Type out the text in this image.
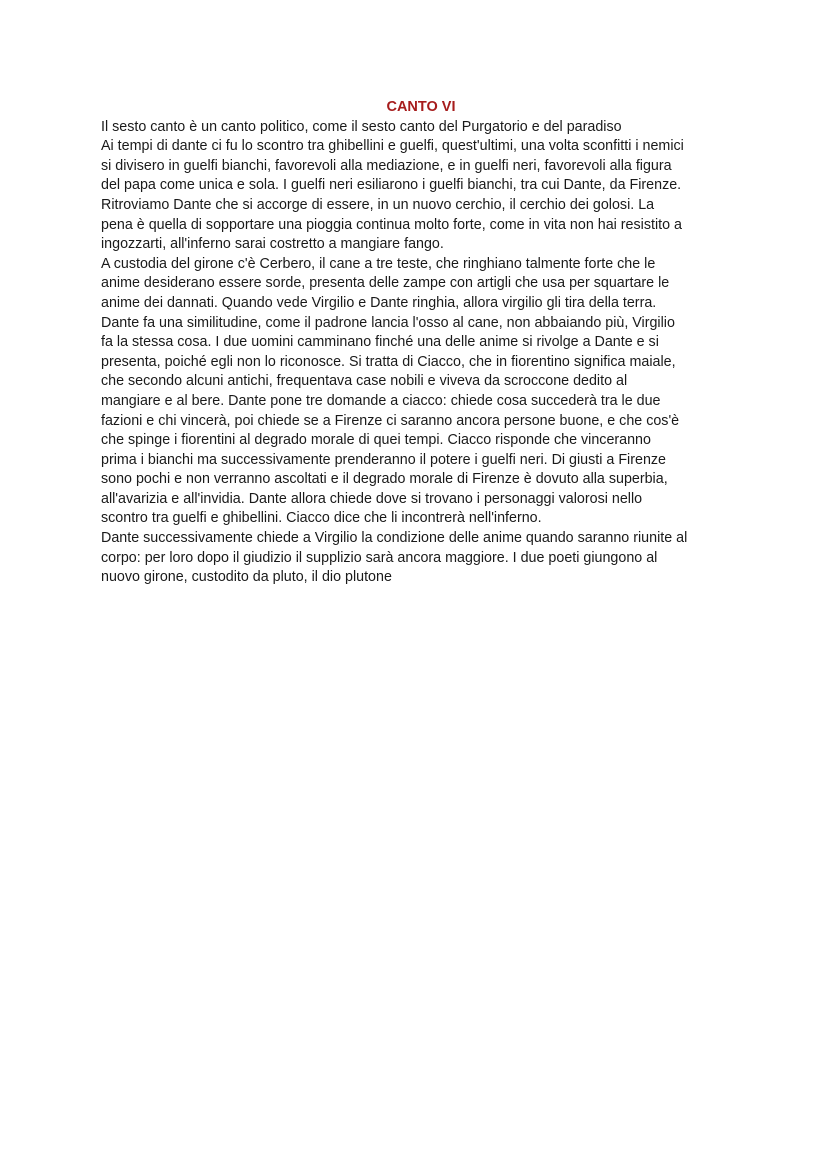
CANTO VI

Il sesto canto è un canto politico, come il sesto canto del Purgatorio e del paradiso

Ai tempi di dante ci fu lo scontro tra ghibellini e guelfi, quest'ultimi, una volta sconfitti i nemici
si divisero in guelfi bianchi, favorevoli alla mediazione, e in guelfi neri, favorevoli alla figura
del papa come unica e sola. I guelfi neri esiliarono i guelfi bianchi, tra cui Dante, da Firenze.
Ritroviamo Dante che si accorge di essere, in un nuovo cerchio, il cerchio dei golosi. La
pena è quella di sopportare una pioggia continua molto forte, come in vita non hai resistito a
ingozzarti, all'inferno sarai costretto a mangiare fango.

A custodia del girone c'è Cerbero, il cane a tre teste, che ringhiano talmente forte che le
anime desiderano essere sorde, presenta delle zampe con artigli che usa per squartare le
anime dei dannati. Quando vede Virgilio e Dante ringhia, allora virgilio gli tira della terra.
Dante fa una similitudine, come il padrone lancia l'osso al cane, non abbaiando più, Virgilio
fa la stessa cosa. I due uomini camminano finché una delle anime si rivolge a Dante e si
presenta, poiché egli non lo riconosce. Si tratta di Ciacco, che in fiorentino significa maiale,
che secondo alcuni antichi, frequentava case nobili e viveva da scroccone dedito al
mangiare e al bere. Dante pone tre domande a ciacco: chiede cosa succederà tra le due
fazioni e chi vincerà, poi chiede se a Firenze ci saranno ancora persone buone, e che cos'è
che spinge i fiorentini al degrado morale di quei tempi. Ciacco risponde che vinceranno
prima i bianchi ma successivamente prenderanno il potere i guelfi neri. Di giusti a Firenze
sono pochi e non verranno ascoltati e il degrado morale di Firenze è dovuto alla superbia,
all'avarizia e all'invidia. Dante allora chiede dove si trovano i personaggi valorosi nello
scontro tra guelfi e ghibellini. Ciacco dice che li incontrerà nell'inferno.

Dante successivamente chiede a Virgilio la condizione delle anime quando saranno riunite al
corpo: per loro dopo il giudizio il supplizio sarà ancora maggiore. I due poeti giungono al
nuovo girone, custodito da pluto, il dio plutone
